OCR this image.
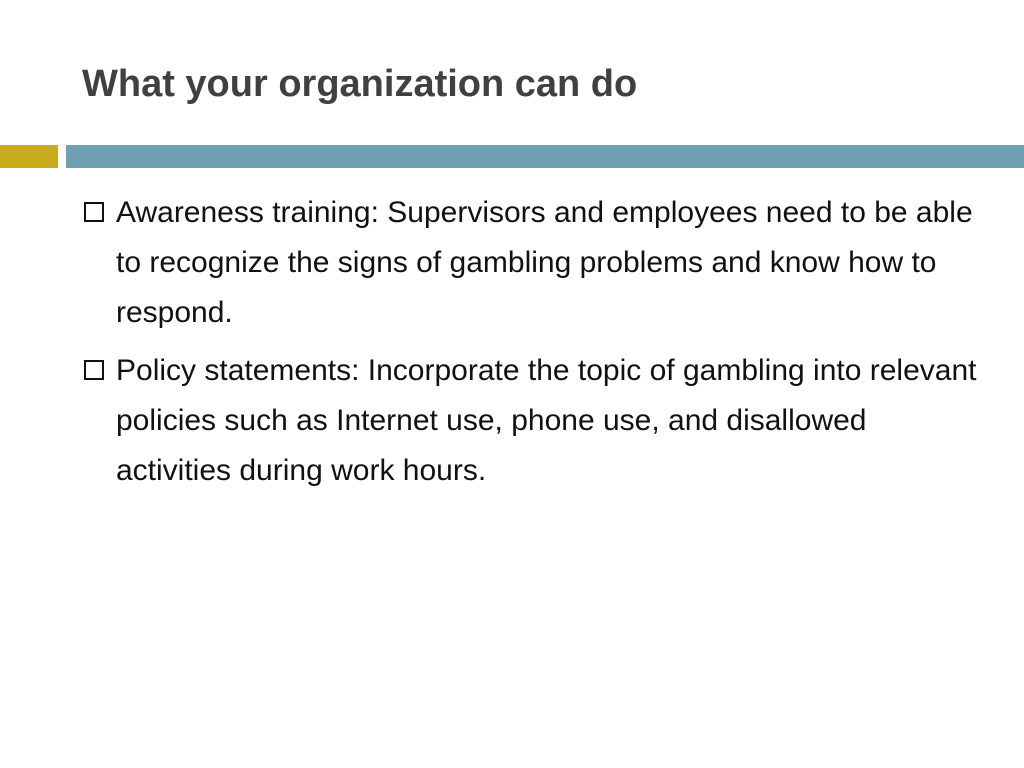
What your organization can do
Awareness training: Supervisors and employees need to be able to recognize the signs of gambling problems and know how to respond.
Policy statements: Incorporate the topic of gambling into relevant policies such as Internet use, phone use, and disallowed activities during work hours.
